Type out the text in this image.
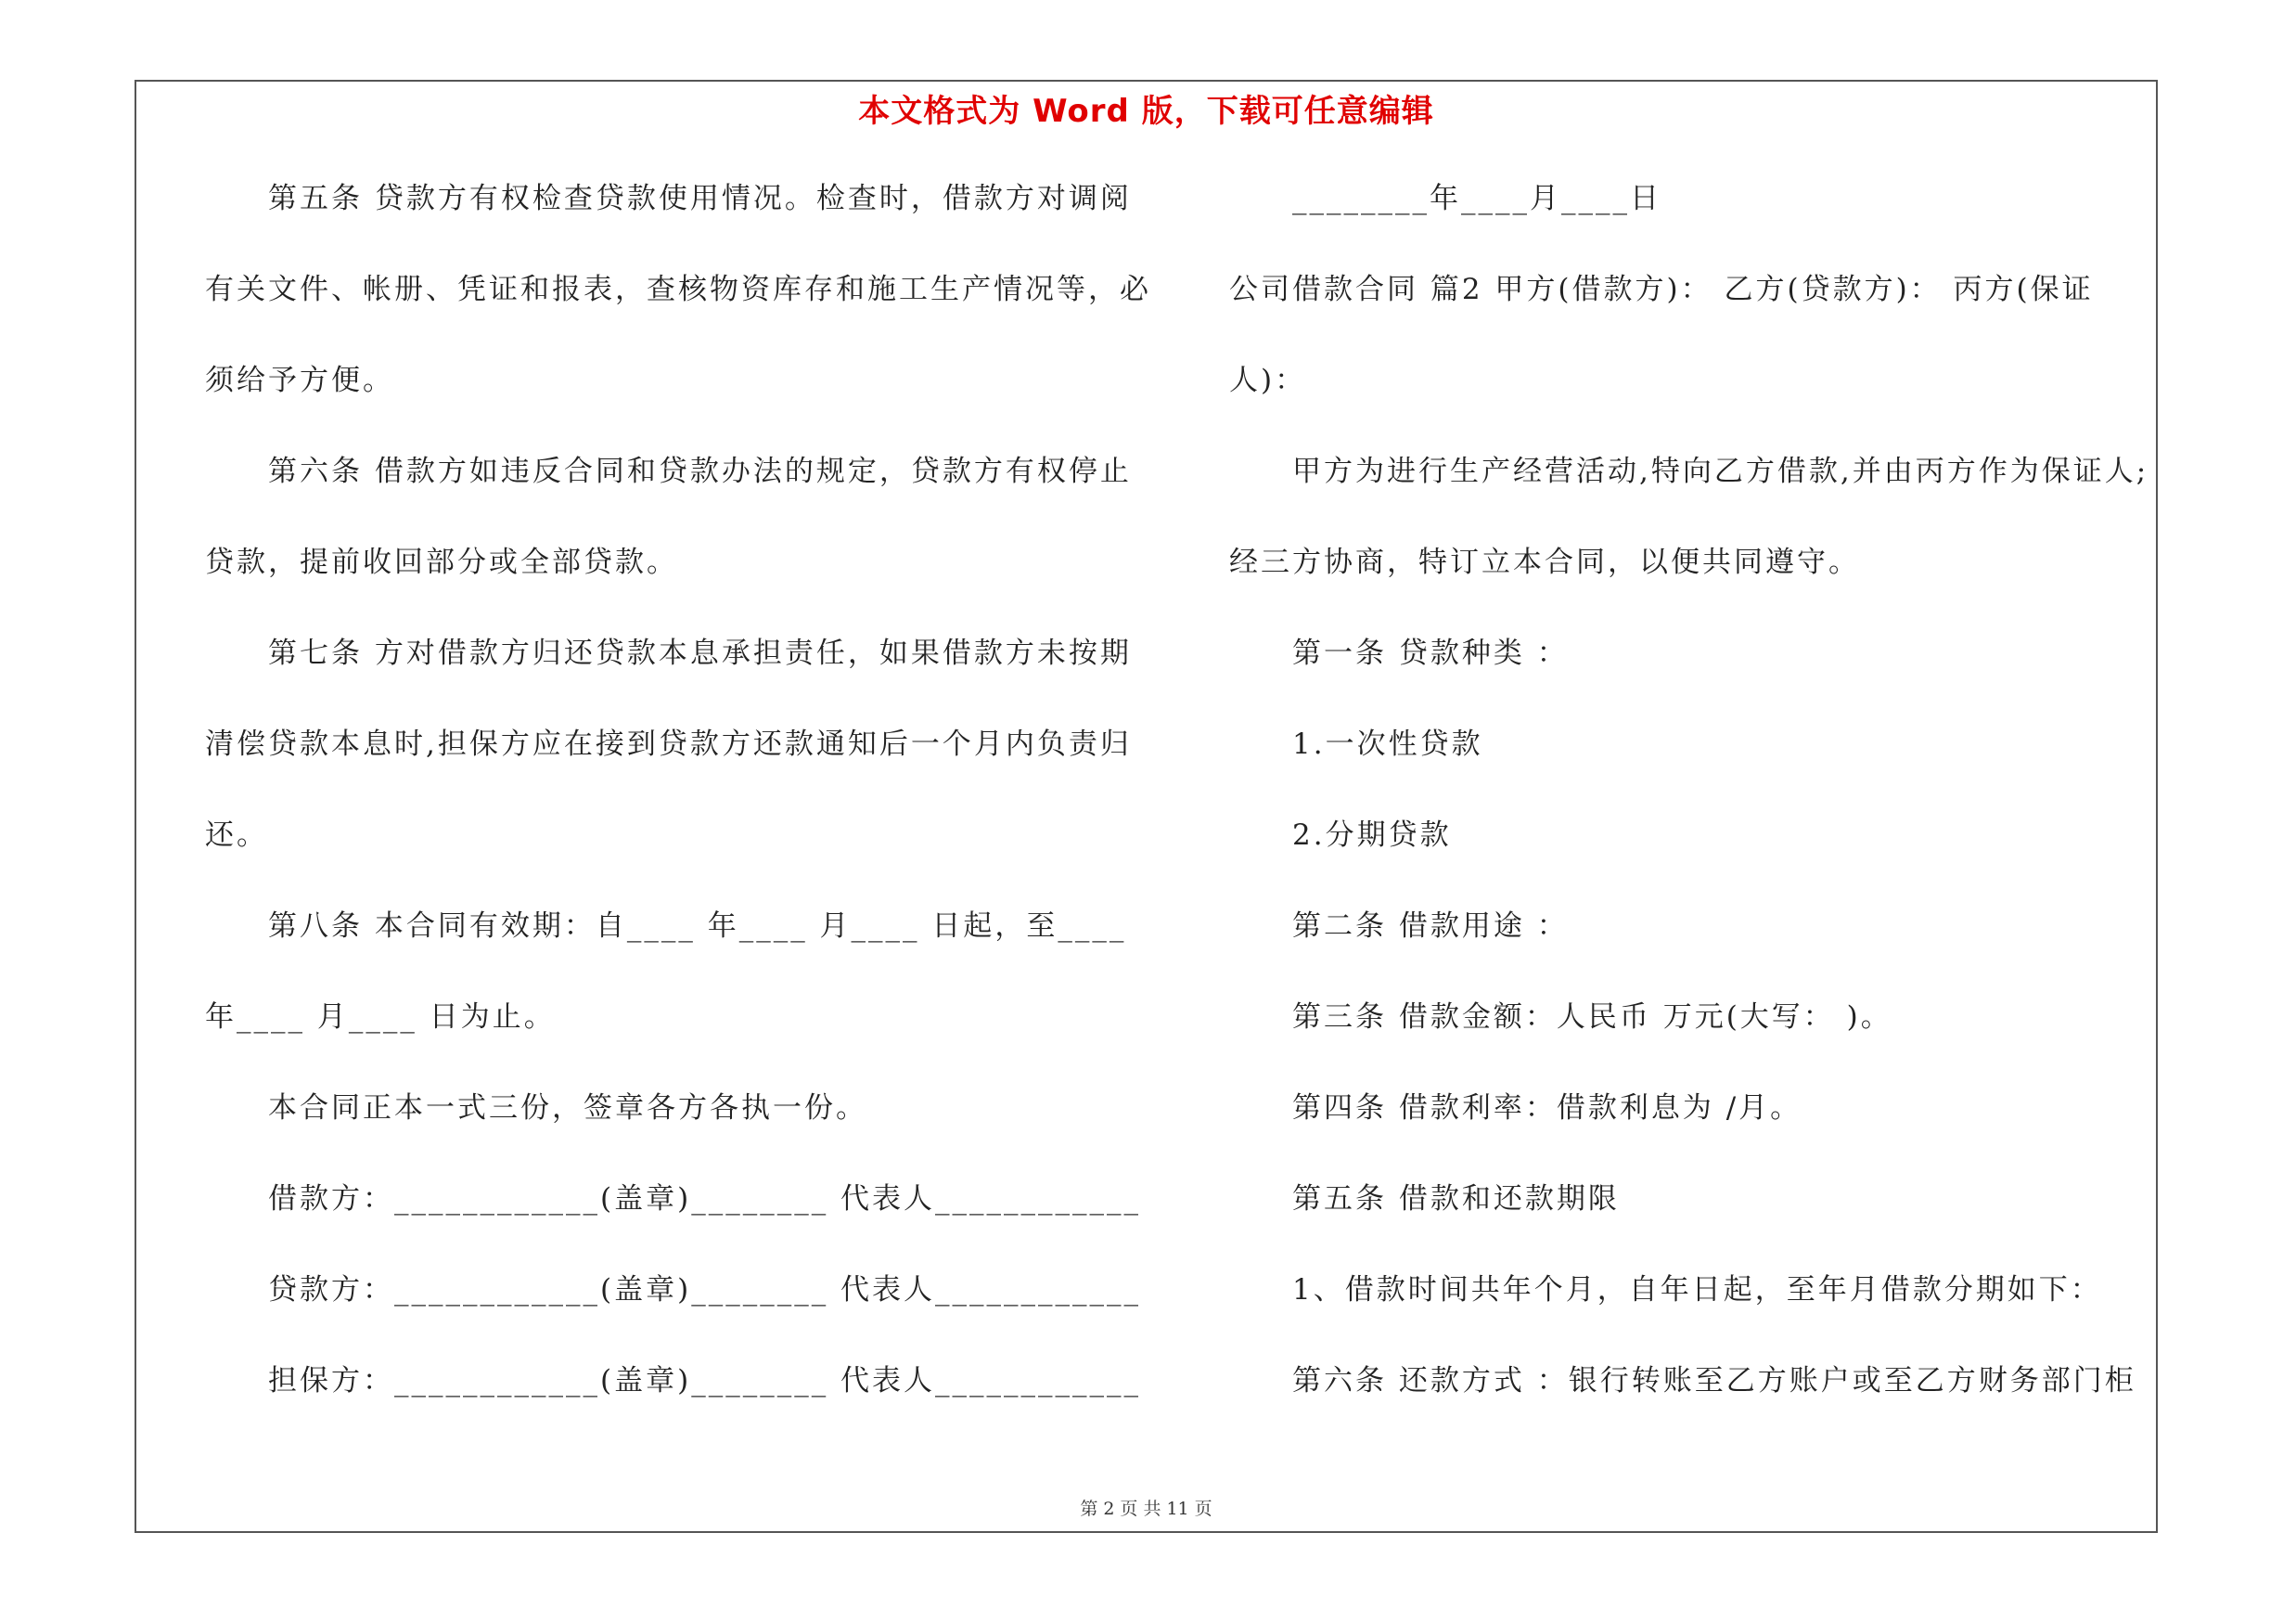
本文格式为 Word 版，下载可任意编辑
第五条 贷款方有权检查贷款使用情况。检查时，借款方对调阅
有关文件、帐册、凭证和报表，查核物资库存和施工生产情况等，必
须给予方便。
第六条 借款方如违反合同和贷款办法的规定，贷款方有权停止
贷款，提前收回部分或全部贷款。
第七条 方对借款方归还贷款本息承担责任，如果借款方未按期
清偿贷款本息时,担保方应在接到贷款方还款通知后一个月内负责归
还。
第八条 本合同有效期：自____ 年____ 月____ 日起，至____
年____ 月____ 日为止。
本合同正本一式三份，签章各方各执一份。
借款方：____________(盖章)________ 代表人____________
贷款方：____________(盖章)________ 代表人____________
担保方：____________(盖章)________ 代表人____________
________年____月____日
公司借款合同 篇2 甲方(借款方)： 乙方(贷款方)： 丙方(保证
人)：
甲方为进行生产经营活动,特向乙方借款,并由丙方作为保证人;
经三方协商，特订立本合同，以便共同遵守。
第一条 贷款种类 ：
1.一次性贷款
2.分期贷款
第二条 借款用途 ：
第三条 借款金额：人民币 万元(大写： )。
第四条 借款利率：借款利息为 /月。
第五条 借款和还款期限
1、借款时间共年个月，自年日起，至年月借款分期如下：
第六条 还款方式 ：银行转账至乙方账户或至乙方财务部门柜
第 2 页 共 11 页
